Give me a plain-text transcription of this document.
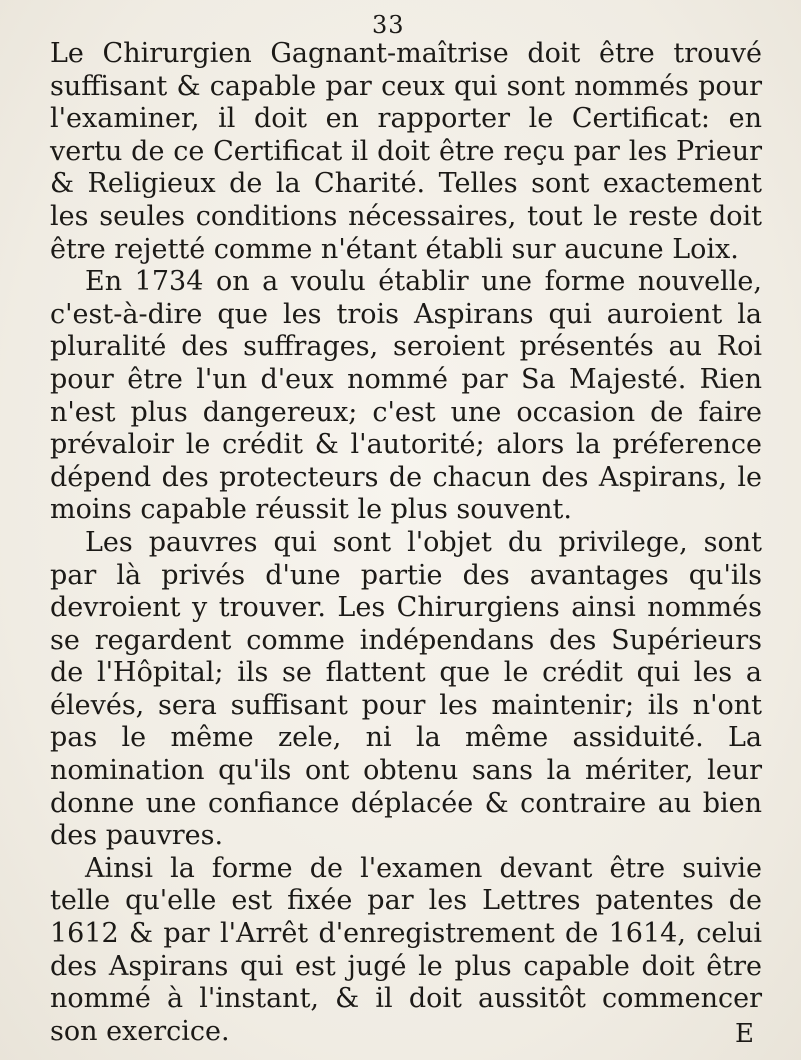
33

Le Chirurgien Gagnant-maîtrise doit être trouvé suffisant & capable par ceux qui sont nommés pour l'examiner, il doit en rapporter le Certificat: en vertu de ce Certificat il doit être reçu par les Prieur & Religieux de la Charité. Telles sont exactement les seules conditions nécessaires, tout le reste doit être rejetté comme n'étant établi sur aucune Loix.

En 1734 on a voulu établir une forme nouvelle, c'est-à-dire que les trois Aspirans qui auroient la pluralité des suffrages, seroient présentés au Roi pour être l'un d'eux nommé par Sa Majesté. Rien n'est plus dangereux; c'est une occasion de faire prévaloir le crédit & l'autorité; alors la préference dépend des protecteurs de chacun des Aspirans, le moins capable réussit le plus souvent.

Les pauvres qui sont l'objet du privilege, sont par là privés d'une partie des avantages qu'ils devroient y trouver. Les Chirurgiens ainsi nommés se regardent comme indépendans des Supérieurs de l'Hôpital; ils se flattent que le crédit qui les a élevés, sera suffisant pour les maintenir; ils n'ont pas le même zele, ni la même assiduité. La nomination qu'ils ont obtenu sans la mériter, leur donne une confiance déplacée & contraire au bien des pauvres.

Ainsi la forme de l'examen devant être suivie telle qu'elle est fixée par les Lettres patentes de 1612 & par l'Arrêt d'enregistrement de 1614, celui des Aspirans qui est jugé le plus capable doit être nommé à l'instant, & il doit aussitôt commencer son exercice.	E
